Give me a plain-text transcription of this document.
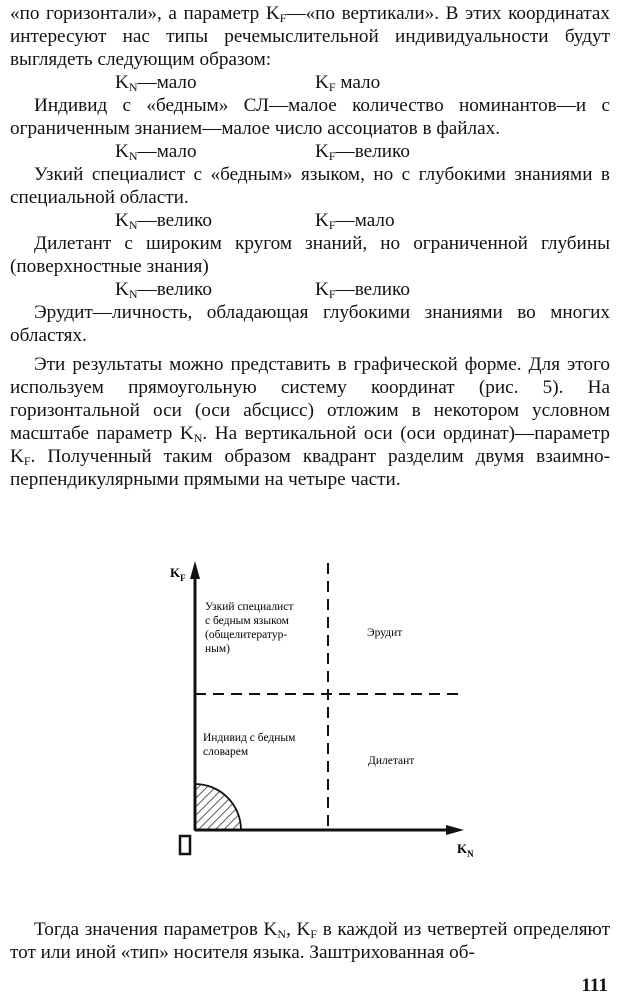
«по горизонтали», а параметр $K_F—«по$ вертикали». В этих координатах интересуют нас типы речемыслительной индивидуальности будут выглядеть следующим образом:

$K_N—мало$	$K_F$ мало

Индивид с «бедным» СЛ—малое количество номинантов—и с ограниченным знанием—малое число ассоциатов в файлах.

$K_N—мало$	$K_F—велико$

Узкий специалист с «бедным» языком, но с глубокими знаниями в специальной области.

$K_N—велико$	$K_F—мало$

Дилетант с широким кругом знаний, но ограниченной глубины (поверхностные знания)

$K_N—велико$	$K_F—велико$

Эрудит—личность, обладающая глубокими знаниями во многих областях.

Эти результаты можно представить в графической форме. Для этого используем прямоугольную систему координат (рис. 5). На горизонтальной оси (оси абсцисс) отложим в некотором условном масштабе параметр $K_N$. На вертикальной оси (оси ординат)—параметр $K_F$. Полученный таким образом квадрант разделим двумя взаимно-перпендикулярными прямыми на четыре части.

0
$K_F$
$K_N$
Узкий специалист с бедным языком (общелитератур- ным)
Эрудит
Индивид с бедным словарем
Дилетант

Тогда значения параметров $K_N$, $K_F$ в каждой из четвертей определяют тот или иной «тип» носителя языка. Заштрихованная об-

111
